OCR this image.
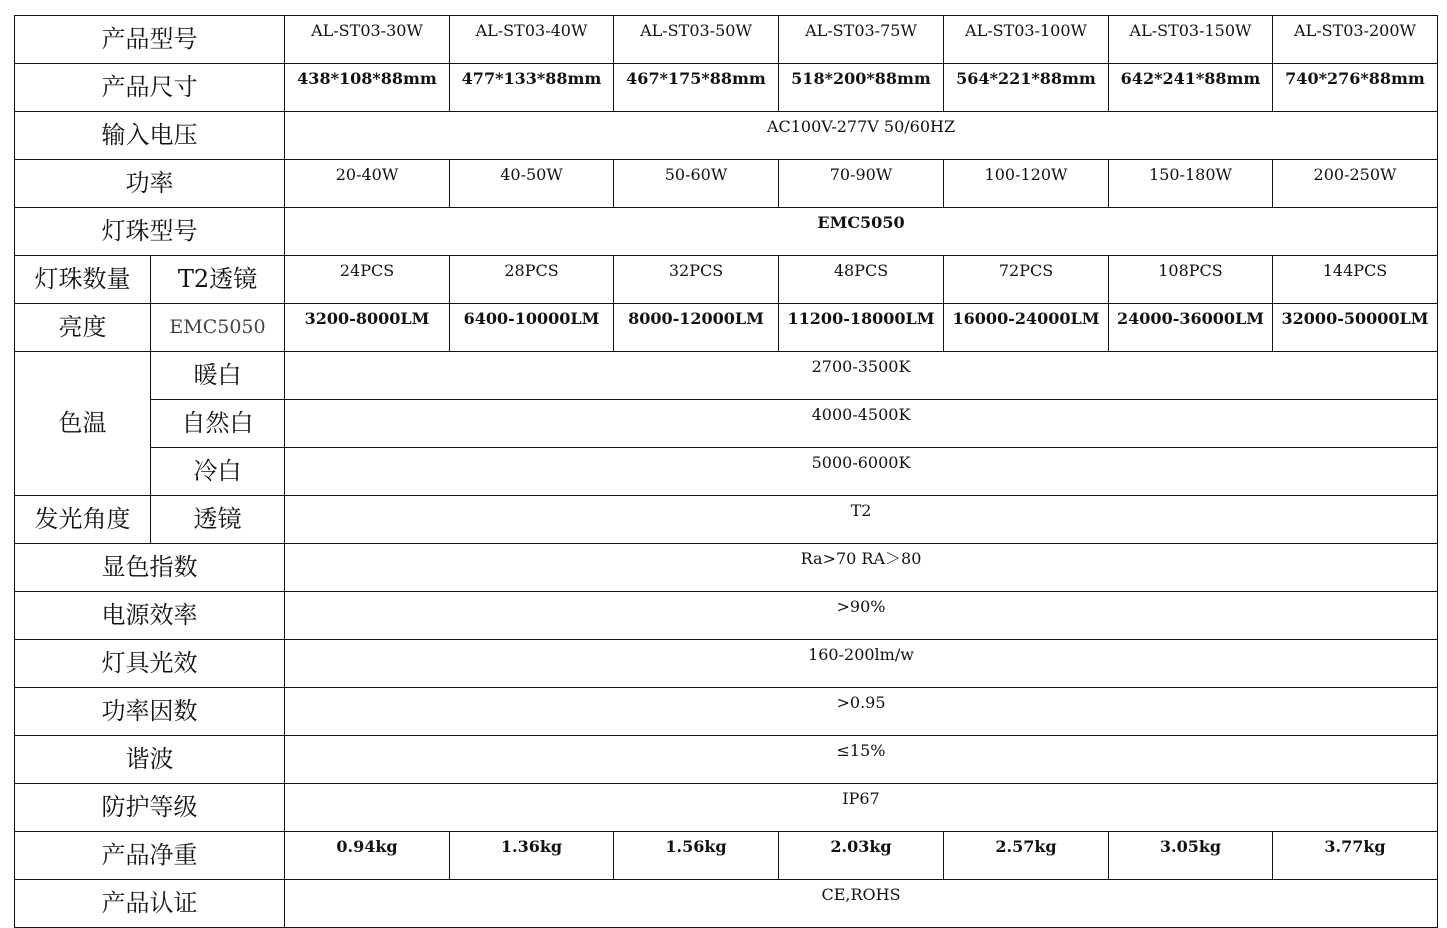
产品型号		AL-ST03-30W	AL-ST03-40W	AL-ST03-50W	AL-ST03-75W	AL-ST03-100W	AL-ST03-150W	AL-ST03-200W
产品尺寸		438*108*88mm	477*133*88mm	467*175*88mm	518*200*88mm	564*221*88mm	642*241*88mm	740*276*88mm
输入电压		AC100V-277V 50/60HZ						
功率		20-40W	40-50W	50-60W	70-90W	100-120W	150-180W	200-250W
灯珠型号		EMC5050						
灯珠数量	T2透镜	24PCS	28PCS	32PCS	48PCS	72PCS	108PCS	144PCS
亮度	EMC5050	3200-8000LM	6400-10000LM	8000-12000LM	11200-18000LM	16000-24000LM	24000-36000LM	32000-50000LM
色温	暖白	2700-3500K						
	自然白	4000-4500K						
	冷白	5000-6000K						
发光角度	透镜	T2						
显色指数		Ra>70 RA＞80						
电源效率		>90%						
灯具光效		160-200lm/w						
功率因数		>0.95						
谐波		≤15%						
防护等级		IP67						
产品净重		0.94kg	1.36kg	1.56kg	2.03kg	2.57kg	3.05kg	3.77kg
产品认证		CE,ROHS						
